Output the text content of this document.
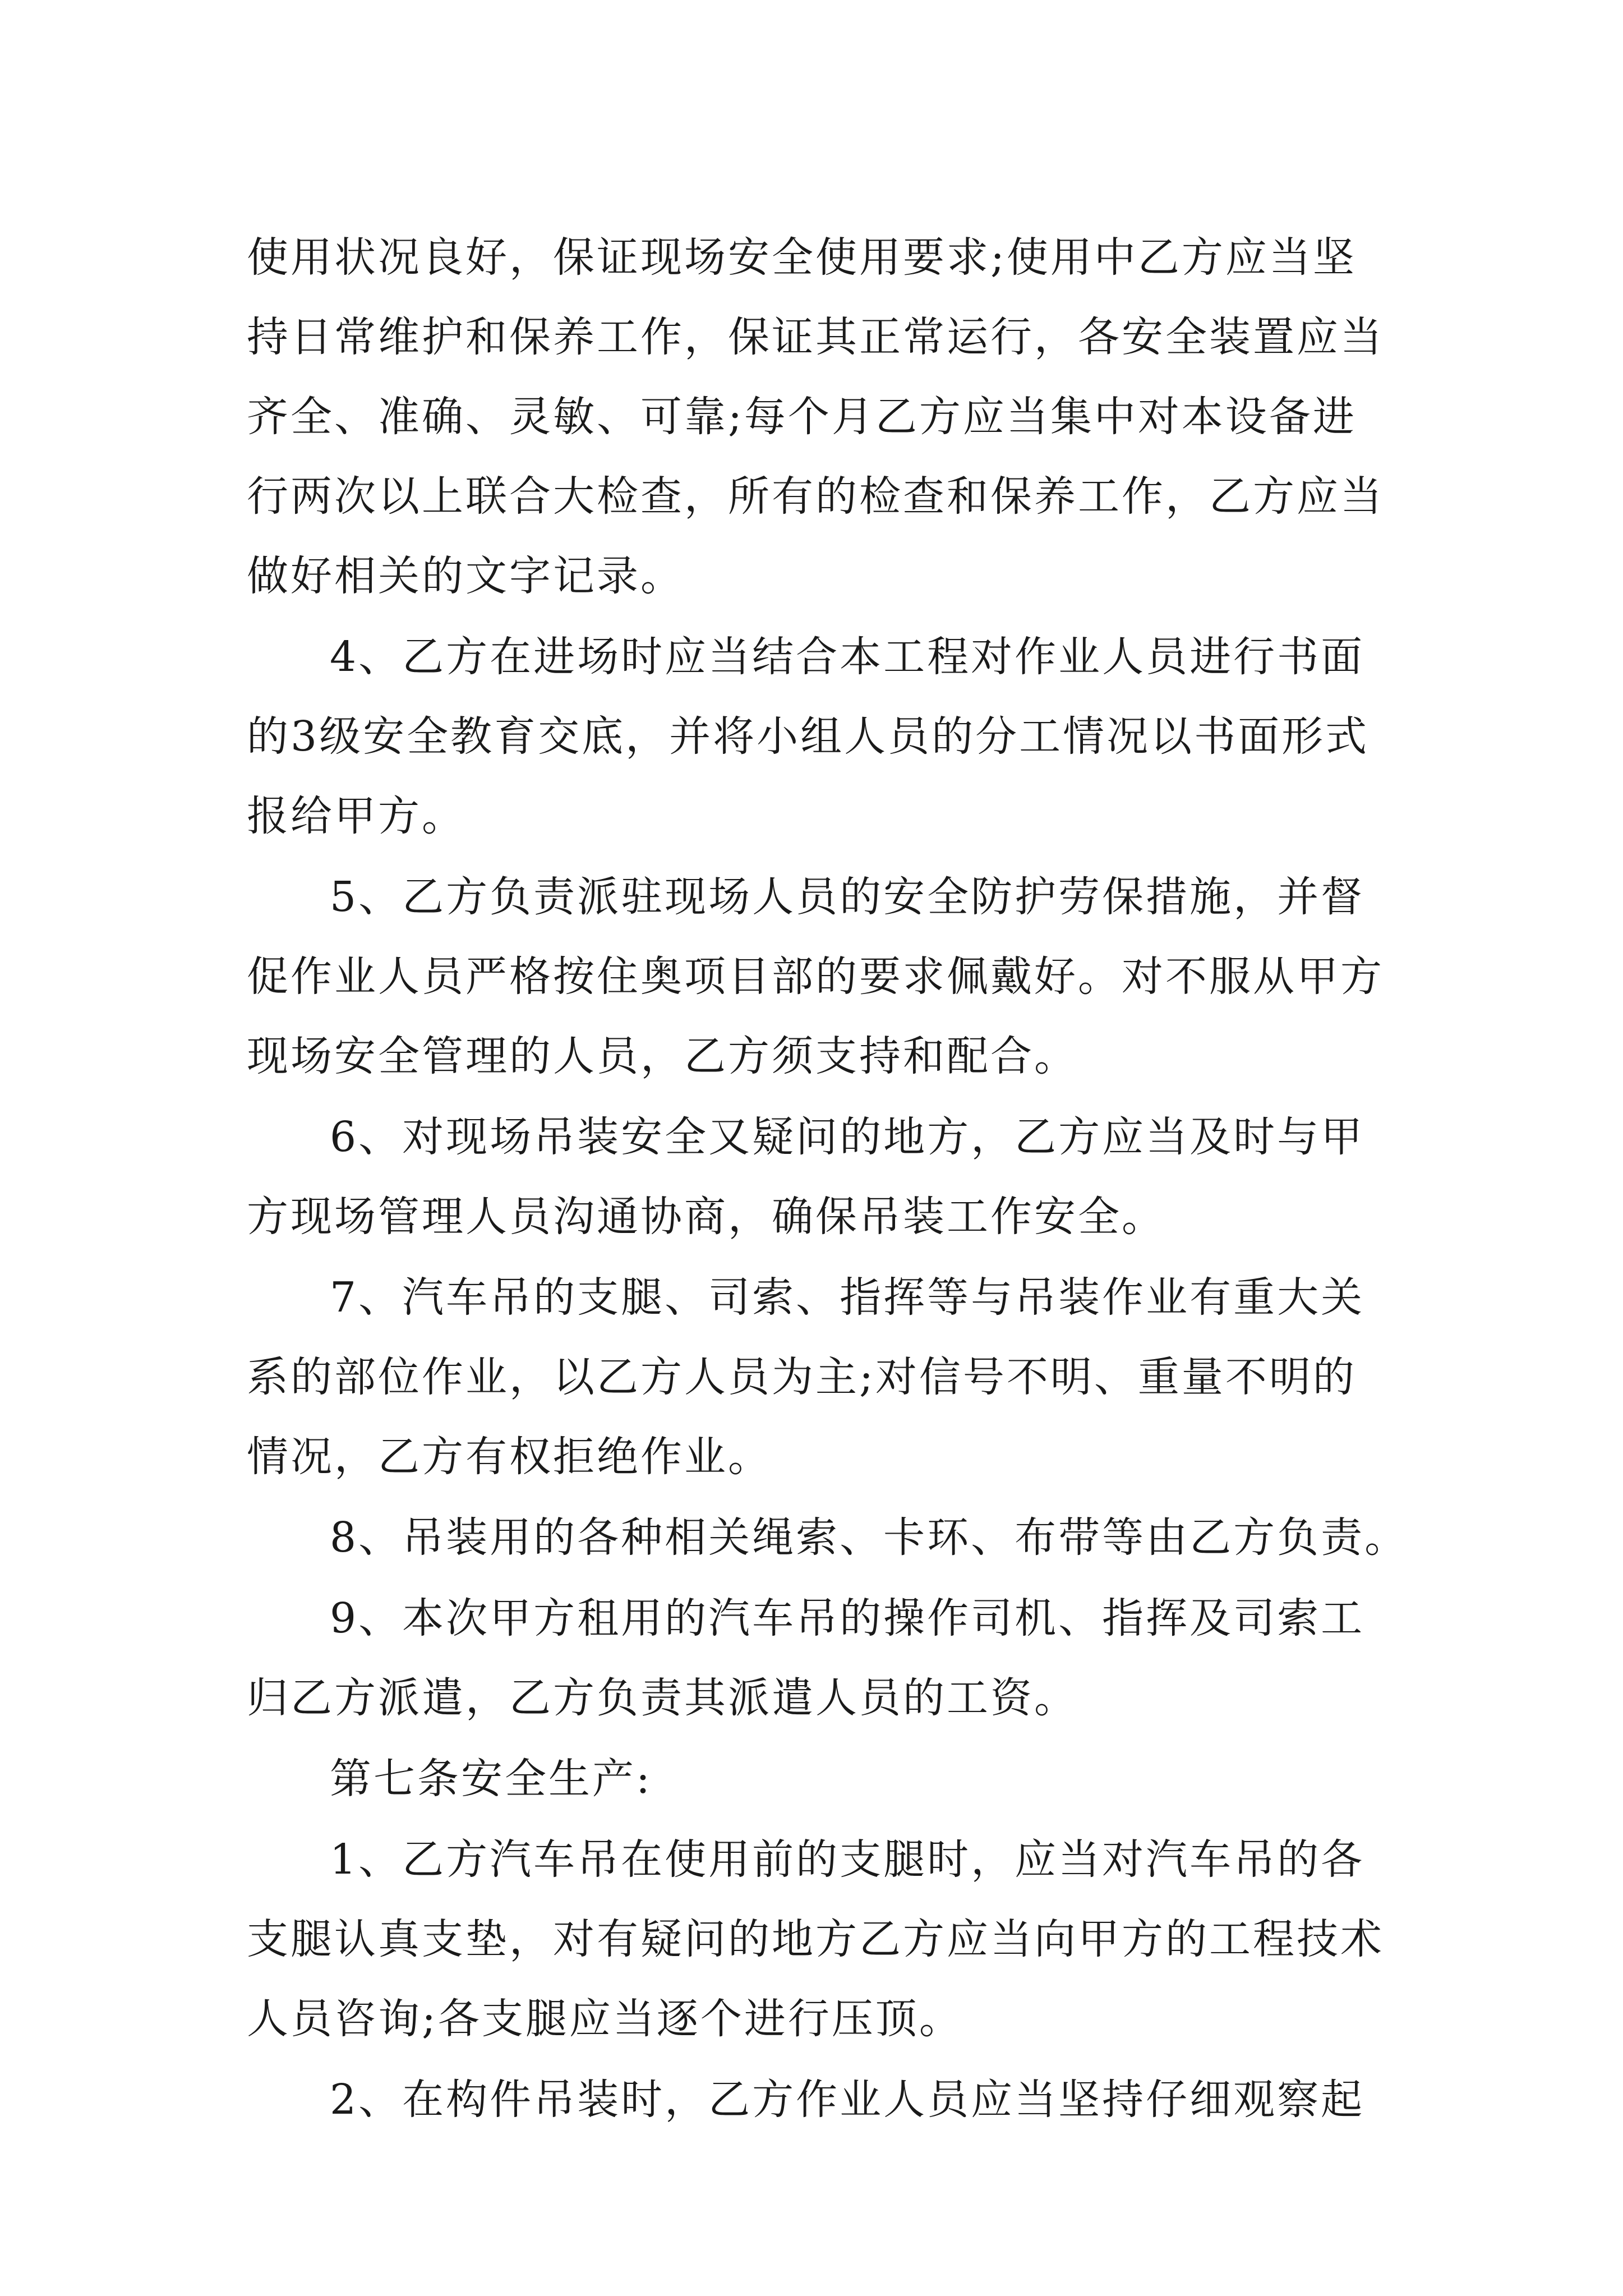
使用状况良好，保证现场安全使用要求;使用中乙方应当坚
持日常维护和保养工作，保证其正常运行，各安全装置应当
齐全、准确、灵敏、可靠;每个月乙方应当集中对本设备进
行两次以上联合大检查，所有的检查和保养工作，乙方应当
做好相关的文字记录。
4、乙方在进场时应当结合本工程对作业人员进行书面
的3级安全教育交底，并将小组人员的分工情况以书面形式
报给甲方。
5、乙方负责派驻现场人员的安全防护劳保措施，并督
促作业人员严格按住奥项目部的要求佩戴好。对不服从甲方
现场安全管理的人员，乙方须支持和配合。
6、对现场吊装安全又疑问的地方，乙方应当及时与甲
方现场管理人员沟通协商，确保吊装工作安全。
7、汽车吊的支腿、司索、指挥等与吊装作业有重大关
系的部位作业，以乙方人员为主;对信号不明、重量不明的
情况，乙方有权拒绝作业。
8、吊装用的各种相关绳索、卡环、布带等由乙方负责。
9、本次甲方租用的汽车吊的操作司机、指挥及司索工
归乙方派遣，乙方负责其派遣人员的工资。
第七条安全生产:
1、乙方汽车吊在使用前的支腿时，应当对汽车吊的各
支腿认真支垫，对有疑问的地方乙方应当向甲方的工程技术
人员咨询;各支腿应当逐个进行压顶。
2、在构件吊装时，乙方作业人员应当坚持仔细观察起
